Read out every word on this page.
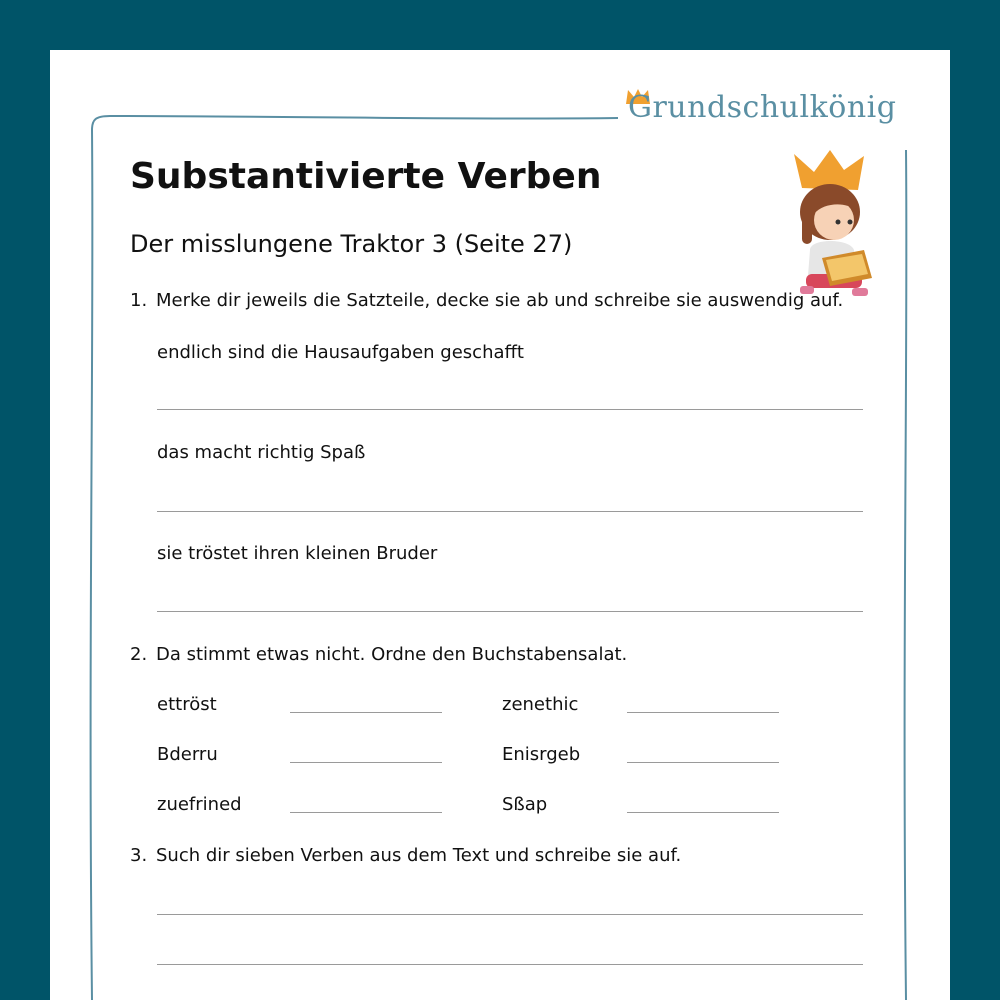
Grundschulkönig
Substantivierte Verben
Der misslungene Traktor 3 (Seite 27)
1. Merke dir jeweils die Satzteile, decke sie ab und schreibe sie auswendig auf.
endlich sind die Hausaufgaben geschafft
das macht richtig Spaß
sie tröstet ihren kleinen Bruder
2. Da stimmt etwas nicht. Ordne den Buchstabensalat.
ettröst	zenethic
Bderru	Enisrgeb
zuefrined	Sßap
3. Such dir sieben Verben aus dem Text und schreibe sie auf.
